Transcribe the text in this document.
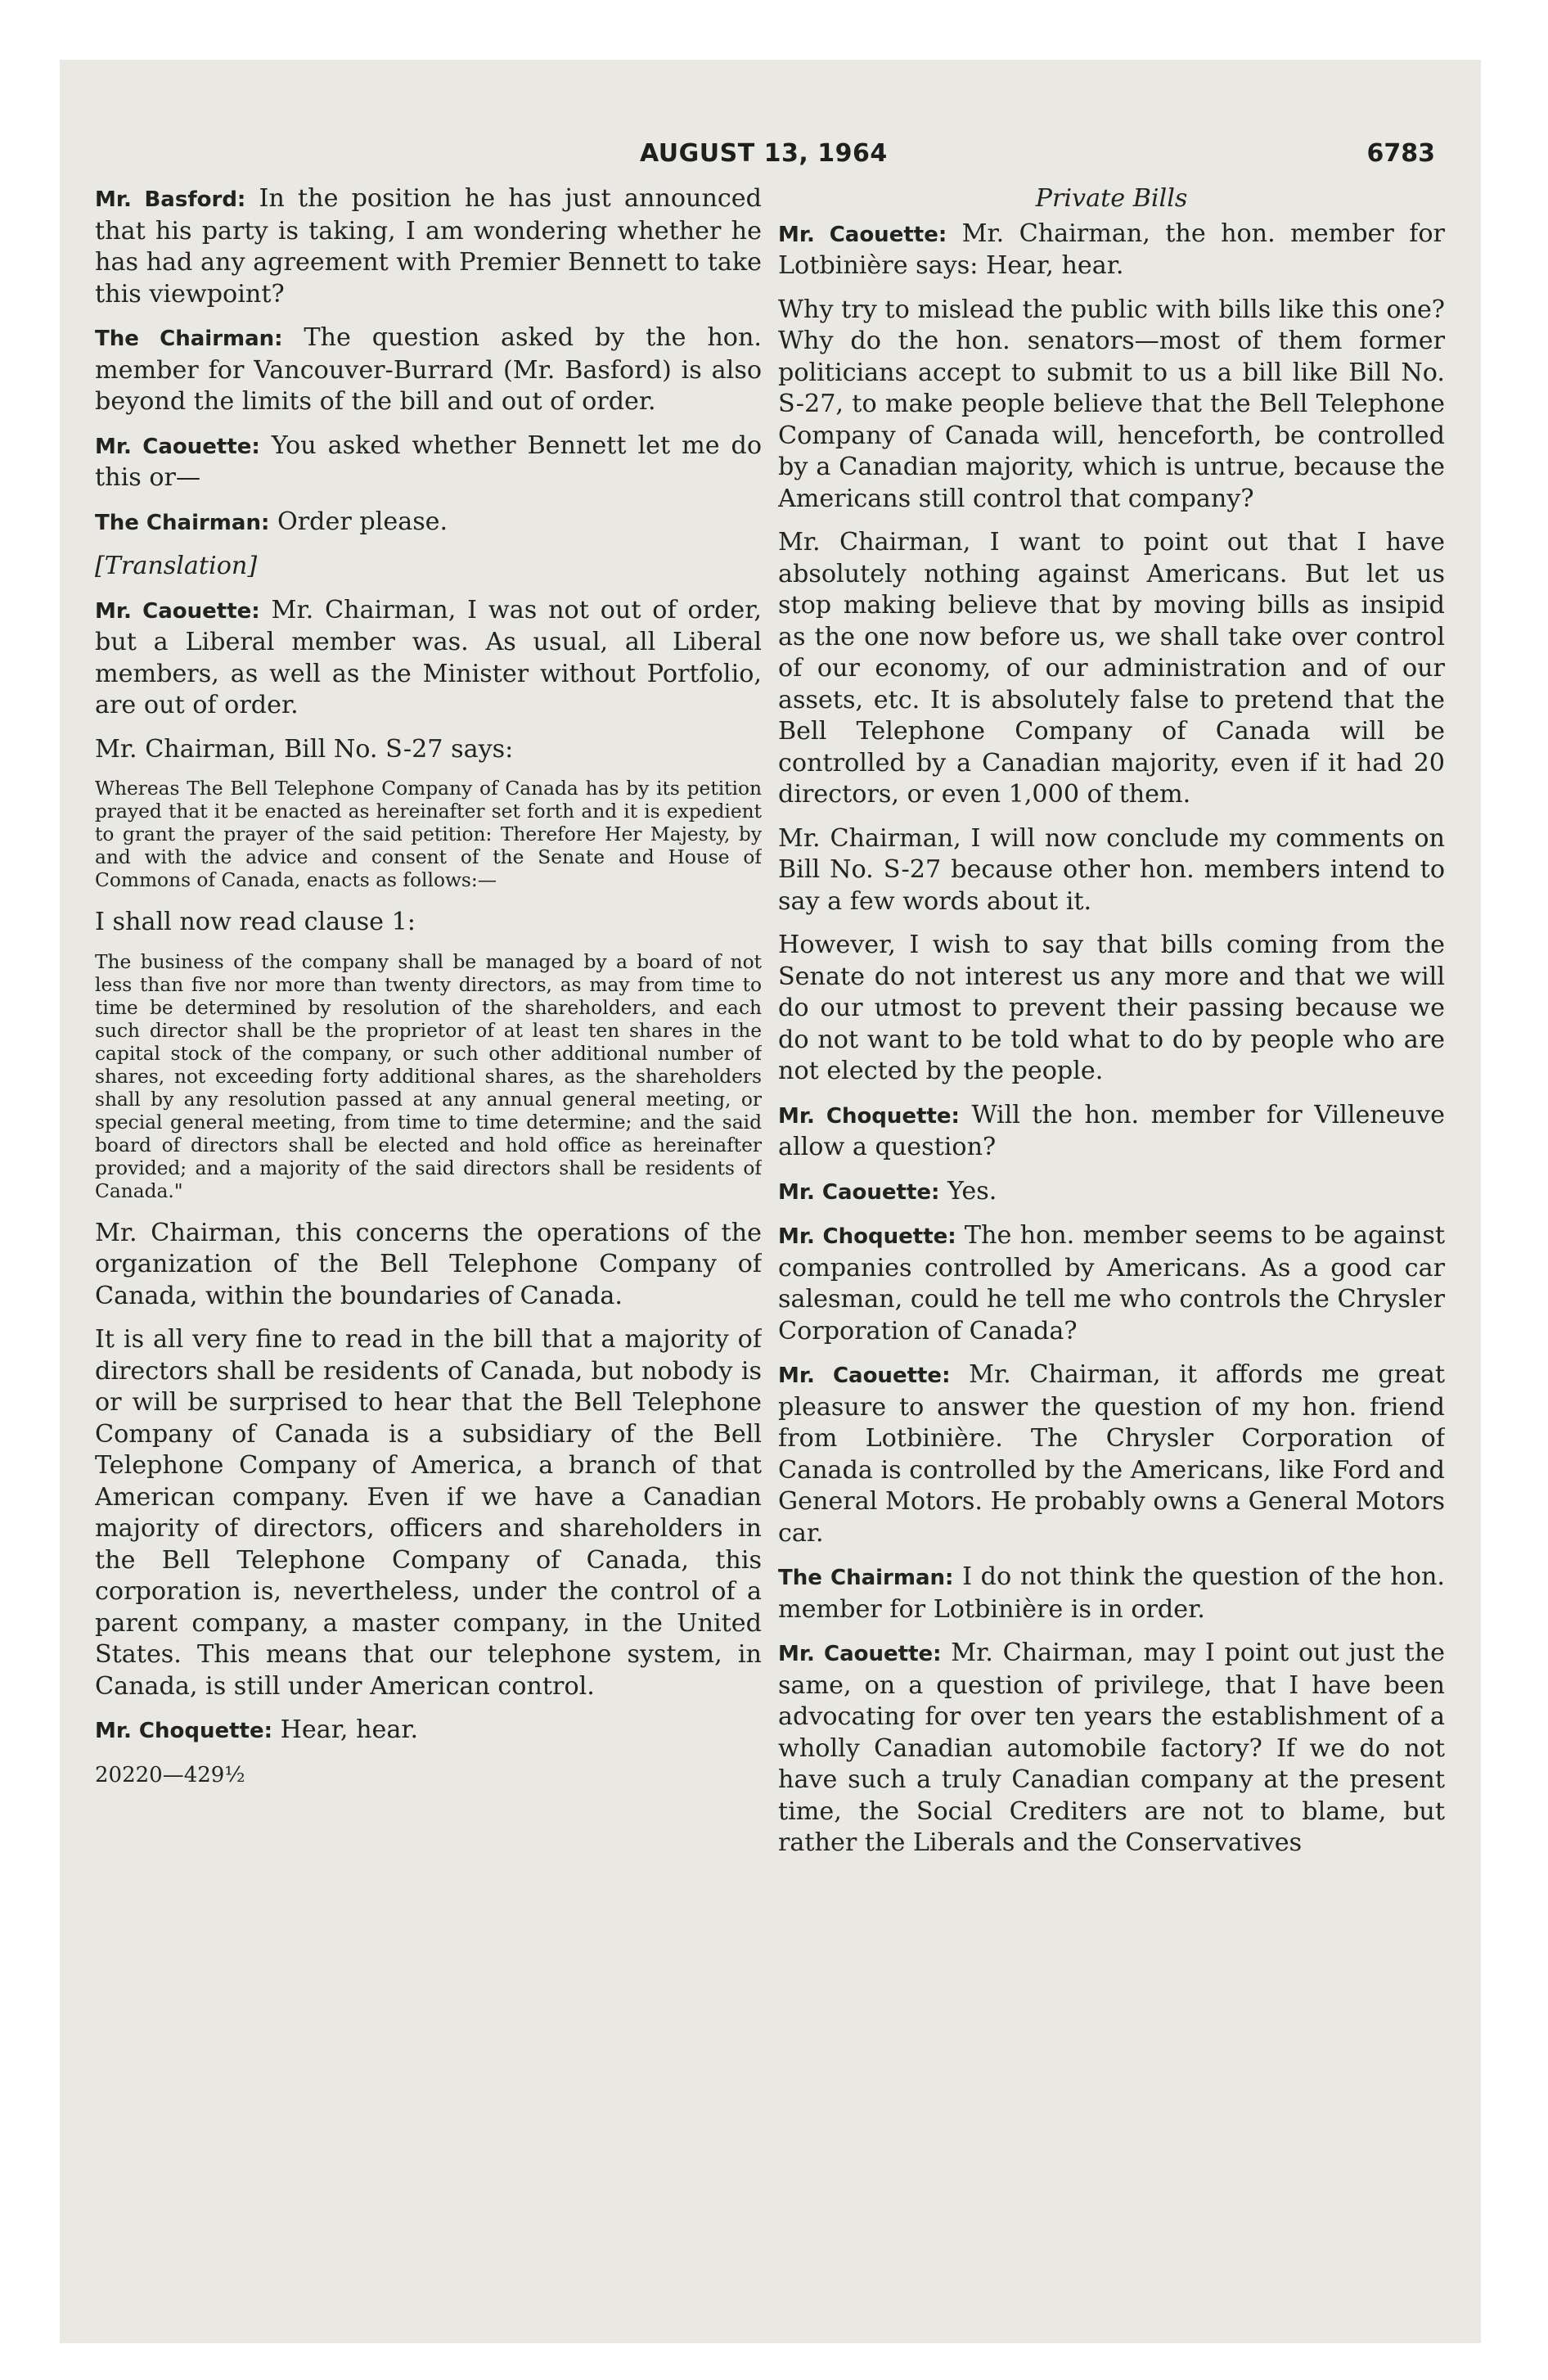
AUGUST 13, 1964	6783

Mr. Basford: In the position he has just announced that his party is taking, I am wondering whether he has had any agreement with Premier Bennett to take this viewpoint?

The Chairman: The question asked by the hon. member for Vancouver-Burrard (Mr. Basford) is also beyond the limits of the bill and out of order.

Mr. Caouette: You asked whether Bennett let me do this or—

The Chairman: Order please.

[Translation]

Mr. Caouette: Mr. Chairman, I was not out of order, but a Liberal member was. As usual, all Liberal members, as well as the Minister without Portfolio, are out of order.

Mr. Chairman, Bill No. S-27 says:

Whereas The Bell Telephone Company of Canada has by its petition prayed that it be enacted as hereinafter set forth and it is expedient to grant the prayer of the said petition: Therefore Her Majesty, by and with the advice and consent of the Senate and House of Commons of Canada, enacts as follows:—

I shall now read clause 1:

The business of the company shall be managed by a board of not less than five nor more than twenty directors, as may from time to time be determined by resolution of the shareholders, and each such director shall be the proprietor of at least ten shares in the capital stock of the company, or such other additional number of shares, not exceeding forty additional shares, as the shareholders shall by any resolution passed at any annual general meeting, or special general meeting, from time to time determine; and the said board of directors shall be elected and hold office as hereinafter provided; and a majority of the said directors shall be residents of Canada."

Mr. Chairman, this concerns the operations of the organization of the Bell Telephone Company of Canada, within the boundaries of Canada.

It is all very fine to read in the bill that a majority of directors shall be residents of Canada, but nobody is or will be surprised to hear that the Bell Telephone Company of Canada is a subsidiary of the Bell Telephone Company of America, a branch of that American company. Even if we have a Canadian majority of directors, officers and shareholders in the Bell Telephone Company of Canada, this corporation is, nevertheless, under the control of a parent company, a master company, in the United States. This means that our telephone system, in Canada, is still under American control.

Mr. Choquette: Hear, hear.

20220—429½

Private Bills

Mr. Caouette: Mr. Chairman, the hon. member for Lotbinière says: Hear, hear.

Why try to mislead the public with bills like this one? Why do the hon. senators—most of them former politicians accept to submit to us a bill like Bill No. S-27, to make people believe that the Bell Telephone Company of Canada will, henceforth, be controlled by a Canadian majority, which is untrue, because the Americans still control that company?

Mr. Chairman, I want to point out that I have absolutely nothing against Americans. But let us stop making believe that by moving bills as insipid as the one now before us, we shall take over control of our economy, of our administration and of our assets, etc. It is absolutely false to pretend that the Bell Telephone Company of Canada will be controlled by a Canadian majority, even if it had 20 directors, or even 1,000 of them.

Mr. Chairman, I will now conclude my comments on Bill No. S-27 because other hon. members intend to say a few words about it.

However, I wish to say that bills coming from the Senate do not interest us any more and that we will do our utmost to prevent their passing because we do not want to be told what to do by people who are not elected by the people.

Mr. Choquette: Will the hon. member for Villeneuve allow a question?

Mr. Caouette: Yes.

Mr. Choquette: The hon. member seems to be against companies controlled by Americans. As a good car salesman, could he tell me who controls the Chrysler Corporation of Canada?

Mr. Caouette: Mr. Chairman, it affords me great pleasure to answer the question of my hon. friend from Lotbinière. The Chrysler Corporation of Canada is controlled by the Americans, like Ford and General Motors. He probably owns a General Motors car.

The Chairman: I do not think the question of the hon. member for Lotbinière is in order.

Mr. Caouette: Mr. Chairman, may I point out just the same, on a question of privilege, that I have been advocating for over ten years the establishment of a wholly Canadian automobile factory? If we do not have such a truly Canadian company at the present time, the Social Crediters are not to blame, but rather the Liberals and the Conservatives
